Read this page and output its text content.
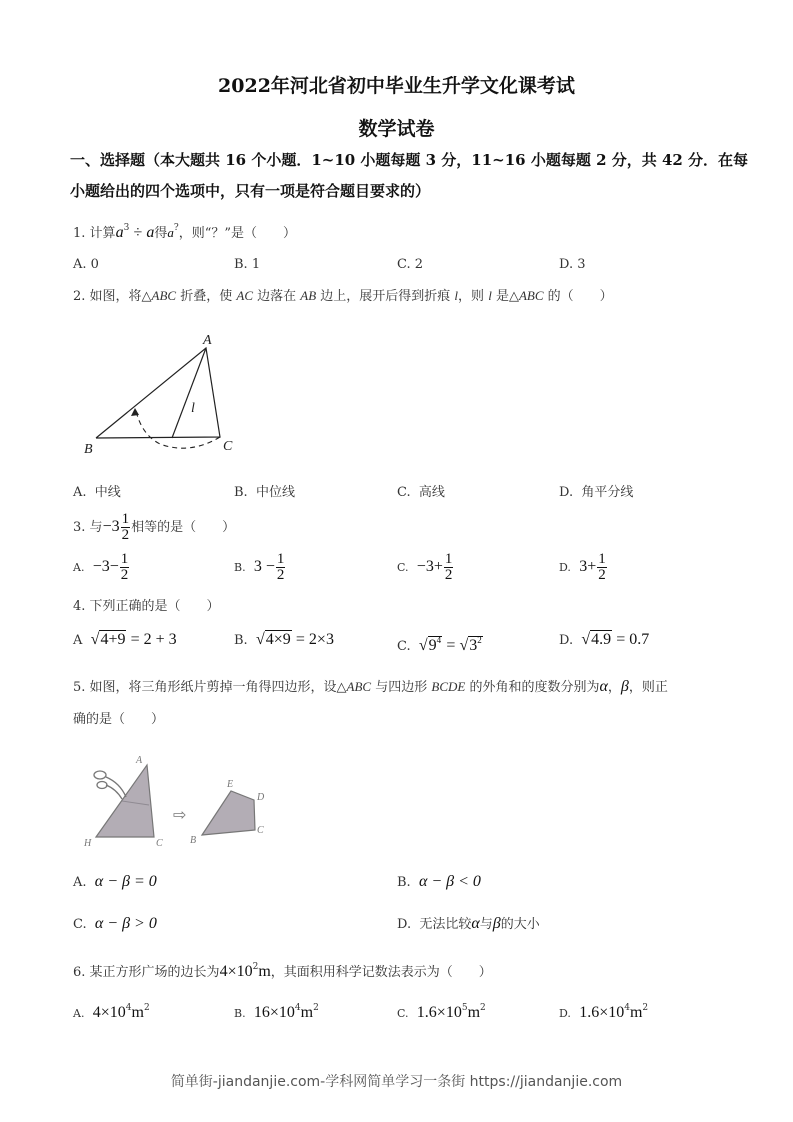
2022年河北省初中毕业生升学文化课考试
数学试卷
一、选择题（本大题共 16 个小题．1~10 小题每题 3 分，11~16 小题每题 2 分，共 42 分．在每
小题给出的四个选项中，只有一项是符合题目要求的）
1. 计算$a^3 \div a$得a?，则“？”是（　　）
A. 0	B. 1	C. 2	D. 3
2. 如图，将△ABC 折叠，使 AC 边落在 AB 边上，展开后得到折痕 l，则 l 是△ABC 的（　　）
A
B	C
l
A. 中线	B. 中位线	C. 高线	D. 角平分线
3. 与$-3 \frac{1}{2}$ 相等的是（　　）
A. $-3- \frac{1}{2}$	B. $3 - \frac{1}{2}$	C. $-3+ \frac{1}{2}$	D. $3+ \frac{1}{2}$
4. 下列正确的是（　　）
A √4+9 = 2 + 3	B. √4×9 = 2×3	C. $√9^4 = √3^2$	D. √4.9 = 0.7
5. 如图，将三角形纸片剪掉一角得四边形，设△ABC 与四边形 BCDE 的外角和的度数分别为α，β，则正
确的是（　　）
A
H	C
⇨
E
D
B
C
A. α − β = 0	B. α − β < 0
C. α − β > 0	D. 无法比较α与β的大小
6. 某正方形广场的边长为$4\times 10^2m$，其面积用科学记数法表示为（　　）
A. $4\times 10^4m^2$	B. $16\times 10^4m^2$	C. $1.6\times 10^5m^2$	D. $1.6\times 10^4m^2$
简单街-jiandanjie.com-学科网简单学习一条街 https://jiandanjie.com
